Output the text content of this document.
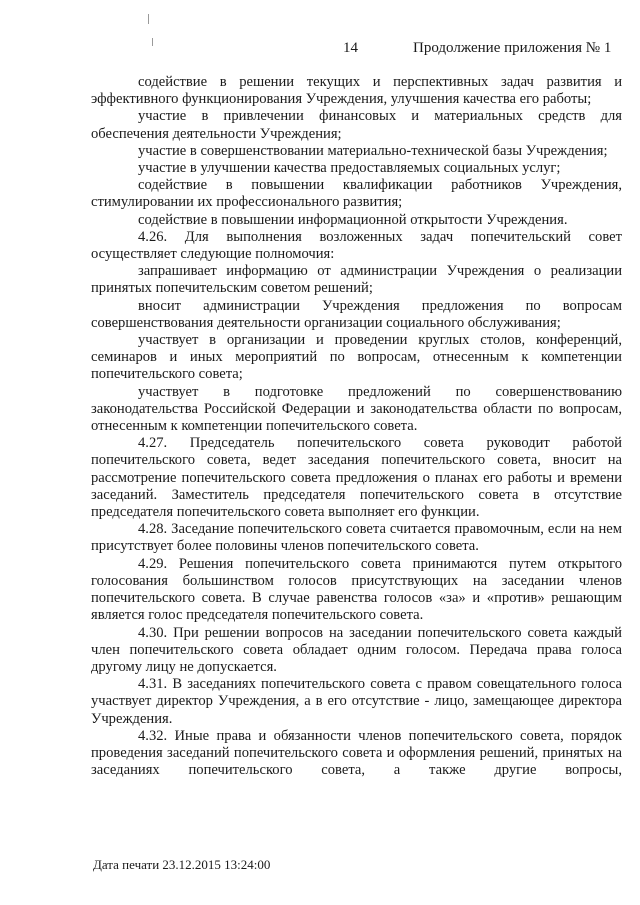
14	Продолжение приложения № 1

содействие в решении текущих и перспективных задач развития и эффективного функционирования Учреждения, улучшения качества его работы;

участие в привлечении финансовых и материальных средств для обеспечения деятельности Учреждения;

участие в совершенствовании материально-технической базы Учреждения;

участие в улучшении качества предоставляемых социальных услуг;

содействие в повышении квалификации работников Учреждения, стимулировании их профессионального развития;

содействие в повышении информационной открытости Учреждения.

4.26. Для выполнения возложенных задач попечительский совет осуществляет следующие полномочия:

запрашивает информацию от администрации Учреждения о реализации принятых попечительским советом решений;

вносит администрации Учреждения предложения по вопросам совершенствования деятельности организации социального обслуживания;

участвует в организации и проведении круглых столов, конференций, семинаров и иных мероприятий по вопросам, отнесенным к компетенции попечительского совета;

участвует в подготовке предложений по совершенствованию законодательства Российской Федерации и законодательства области по вопросам, отнесенным к компетенции попечительского совета.

4.27. Председатель попечительского совета руководит работой попечительского совета, ведет заседания попечительского совета, вносит на рассмотрение попечительского совета предложения о планах его работы и времени заседаний. Заместитель председателя попечительского совета в отсутствие председателя попечительского совета выполняет его функции.

4.28. Заседание попечительского совета считается правомочным, если на нем присутствует более половины членов попечительского совета.

4.29. Решения попечительского совета принимаются путем открытого голосования большинством голосов присутствующих на заседании членов попечительского совета. В случае равенства голосов «за» и «против» решающим является голос председателя попечительского совета.

4.30. При решении вопросов на заседании попечительского совета каждый член попечительского совета обладает одним голосом. Передача права голоса другому лицу не допускается.

4.31. В заседаниях попечительского совета с правом совещательного голоса участвует директор Учреждения, а в его отсутствие - лицо, замещающее директора Учреждения.

4.32. Иные права и обязанности членов попечительского совета, порядок проведения заседаний попечительского совета и оформления решений, принятых на заседаниях попечительского совета, а также другие вопросы,

Дата печати 23.12.2015 13:24:00
